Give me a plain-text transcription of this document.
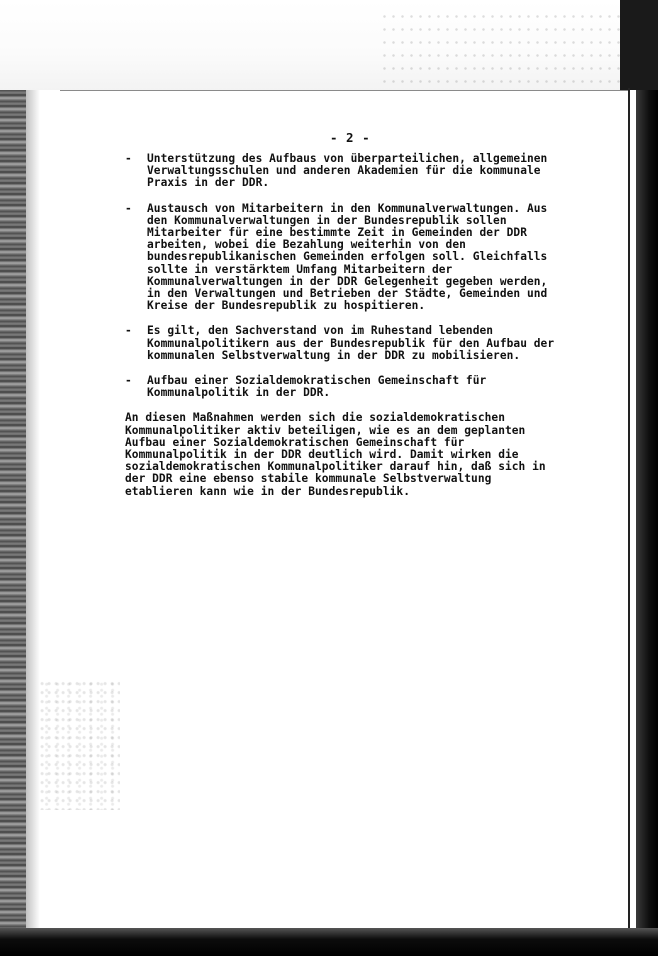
- 2 -
- Unterstützung des Aufbaus von überparteilichen, allgemeinen
Verwaltungsschulen und anderen Akademien für die kommunale
Praxis in der DDR.
- Austausch von Mitarbeitern in den Kommunalverwaltungen. Aus
den Kommunalverwaltungen in der Bundesrepublik sollen
Mitarbeiter für eine bestimmte Zeit in Gemeinden der DDR
arbeiten, wobei die Bezahlung weiterhin von den
bundesrepublikanischen Gemeinden erfolgen soll. Gleichfalls
sollte in verstärktem Umfang Mitarbeitern der
Kommunalverwaltungen in der DDR Gelegenheit gegeben werden,
in den Verwaltungen und Betrieben der Städte, Gemeinden und
Kreise der Bundesrepublik zu hospitieren.
- Es gilt, den Sachverstand von im Ruhestand lebenden
Kommunalpolitikern aus der Bundesrepublik für den Aufbau der
kommunalen Selbstverwaltung in der DDR zu mobilisieren.
- Aufbau einer Sozialdemokratischen Gemeinschaft für
Kommunalpolitik in der DDR.
An diesen Maßnahmen werden sich die sozialdemokratischen
Kommunalpolitiker aktiv beteiligen, wie es an dem geplanten
Aufbau einer Sozialdemokratischen Gemeinschaft für
Kommunalpolitik in der DDR deutlich wird. Damit wirken die
sozialdemokratischen Kommunalpolitiker darauf hin, daß sich in
der DDR eine ebenso stabile kommunale Selbstverwaltung
etablieren kann wie in der Bundesrepublik.
